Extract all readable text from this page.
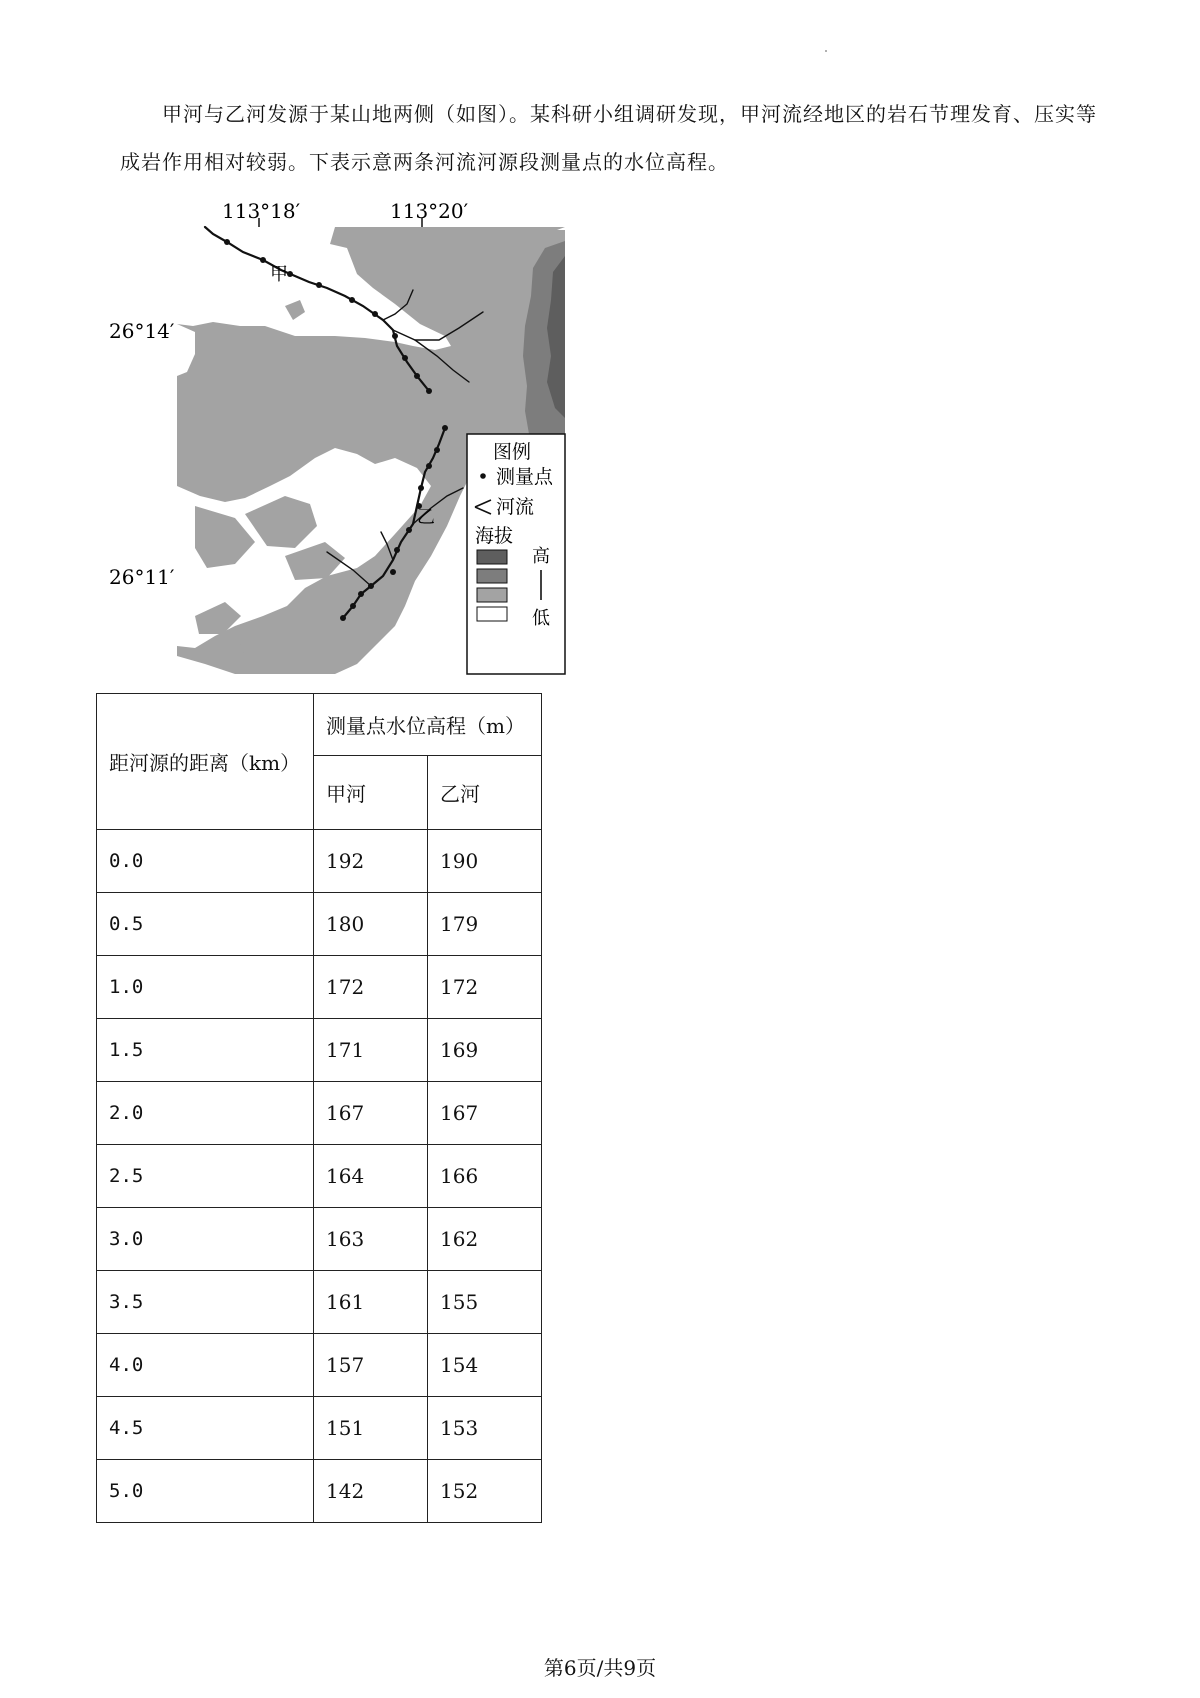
甲河与乙河发源于某山地两侧（如图）。某科研小组调研发现，甲河流经地区的岩石节理发育、压实等
成岩作用相对较弱。下表示意两条河流河源段测量点的水位高程。
113°18′	113°20′
26°14′
26°11′
甲
乙
图例
测量点
河流
海拔
高
低
距河源的距离（km）	测量点水位高程（m）	
	甲河	乙河
0.0	192	190
0.5	180	179
1.0	172	172
1.5	171	169
2.0	167	167
2.5	164	166
3.0	163	162
3.5	161	155
4.0	157	154
4.5	151	153
5.0	142	152
第6页/共9页
